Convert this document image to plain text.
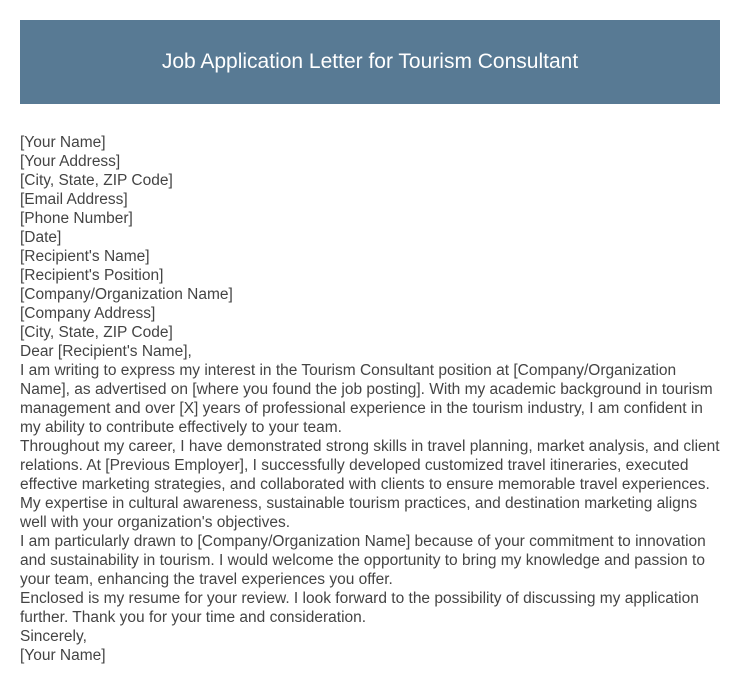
Job Application Letter for Tourism Consultant

[Your Name]

[Your Address]

[City, State, ZIP Code]

[Email Address]

[Phone Number]

[Date]

[Recipient's Name]

[Recipient's Position]

[Company/Organization Name]

[Company Address]

[City, State, ZIP Code]

Dear [Recipient's Name],

I am writing to express my interest in the Tourism Consultant position at [Company/Organization Name], as advertised on [where you found the job posting]. With my academic background in tourism management and over [X] years of professional experience in the tourism industry, I am confident in my ability to contribute effectively to your team.

Throughout my career, I have demonstrated strong skills in travel planning, market analysis, and client relations. At [Previous Employer], I successfully developed customized travel itineraries, executed effective marketing strategies, and collaborated with clients to ensure memorable travel experiences. My expertise in cultural awareness, sustainable tourism practices, and destination marketing aligns well with your organization's objectives.

I am particularly drawn to [Company/Organization Name] because of your commitment to innovation and sustainability in tourism. I would welcome the opportunity to bring my knowledge and passion to your team, enhancing the travel experiences you offer.

Enclosed is my resume for your review. I look forward to the possibility of discussing my application further. Thank you for your time and consideration.

Sincerely,

[Your Name]
